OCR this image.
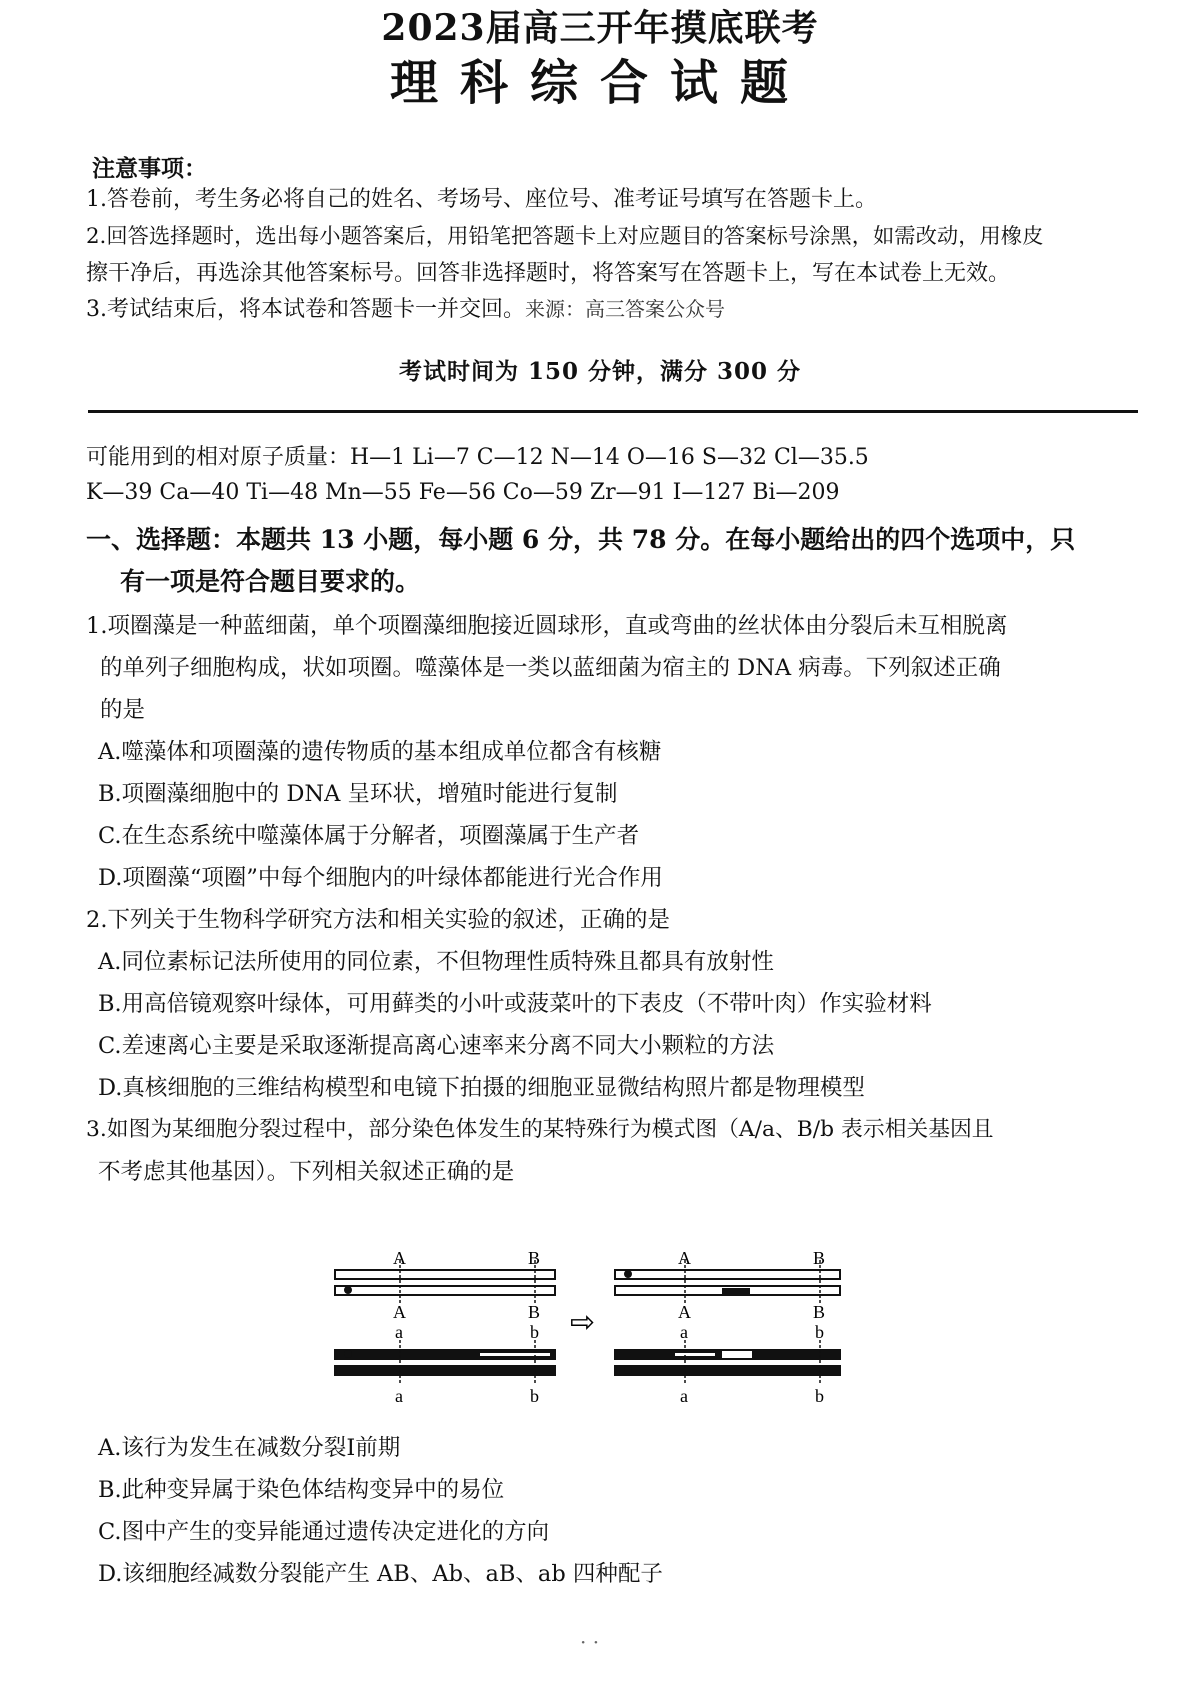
2023届高三开年摸底联考
理科综合试题
注意事项：
1.答卷前，考生务必将自己的姓名、考场号、座位号、准考证号填写在答题卡上。
2.回答选择题时，选出每小题答案后，用铅笔把答题卡上对应题目的答案标号涂黑，如需改动，用橡皮
擦干净后，再选涂其他答案标号。回答非选择题时，将答案写在答题卡上，写在本试卷上无效。
3.考试结束后，将本试卷和答题卡一并交回。来源：高三答案公众号
考试时间为 150 分钟，满分 300 分
可能用到的相对原子质量：H—1 Li—7 C—12 N—14 O—16 S—32 Cl—35.5
K—39 Ca—40 Ti—48 Mn—55 Fe—56 Co—59 Zr—91 I—127 Bi—209
一、选择题：本题共 13 小题，每小题 6 分，共 78 分。在每小题给出的四个选项中，只
有一项是符合题目要求的。
1.项圈藻是一种蓝细菌，单个项圈藻细胞接近圆球形，直或弯曲的丝状体由分裂后未互相脱离
的单列子细胞构成，状如项圈。噬藻体是一类以蓝细菌为宿主的 DNA 病毒。下列叙述正确
的是
A.噬藻体和项圈藻的遗传物质的基本组成单位都含有核糖
B.项圈藻细胞中的 DNA 呈环状，增殖时能进行复制
C.在生态系统中噬藻体属于分解者，项圈藻属于生产者
D.项圈藻“项圈”中每个细胞内的叶绿体都能进行光合作用
2.下列关于生物科学研究方法和相关实验的叙述，正确的是
A.同位素标记法所使用的同位素，不但物理性质特殊且都具有放射性
B.用高倍镜观察叶绿体，可用藓类的小叶或菠菜叶的下表皮（不带叶肉）作实验材料
C.差速离心主要是采取逐渐提高离心速率来分离不同大小颗粒的方法
D.真核细胞的三维结构模型和电镜下拍摄的细胞亚显微结构照片都是物理模型
3.如图为某细胞分裂过程中，部分染色体发生的某特殊行为模式图（A/a、B/b 表示相关基因且
不考虑其他基因）。下列相关叙述正确的是
A	B
A	B
a	b
a	b
⇨
A	B
A	B
a	b
a	b
A.该行为发生在减数分裂Ⅰ前期
B.此种变异属于染色体结构变异中的易位
C.图中产生的变异能通过遗传决定进化的方向
D.该细胞经减数分裂能产生 AB、Ab、aB、ab 四种配子
· ·
